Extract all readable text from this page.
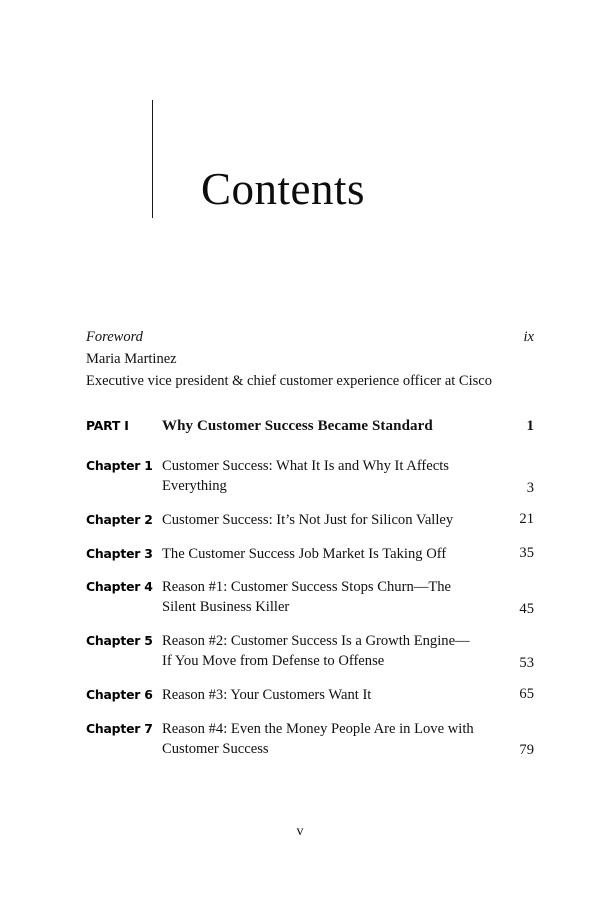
Contents
Foreword	ix
Maria Martinez
Executive vice president & chief customer experience officer at Cisco
PART I	Why Customer Success Became Standard	1
Chapter 1 Customer Success: What It Is and Why It Affects
Everything	3
Chapter 2 Customer Success: It’s Not Just for Silicon Valley	21
Chapter 3 The Customer Success Job Market Is Taking Off	35
Chapter 4 Reason #1: Customer Success Stops Churn—The
Silent Business Killer	45
Chapter 5 Reason #2: Customer Success Is a Growth Engine—
If You Move from Defense to Offense	53
Chapter 6 Reason #3: Your Customers Want It	65
Chapter 7 Reason #4: Even the Money People Are in Love with
Customer Success	79
v
